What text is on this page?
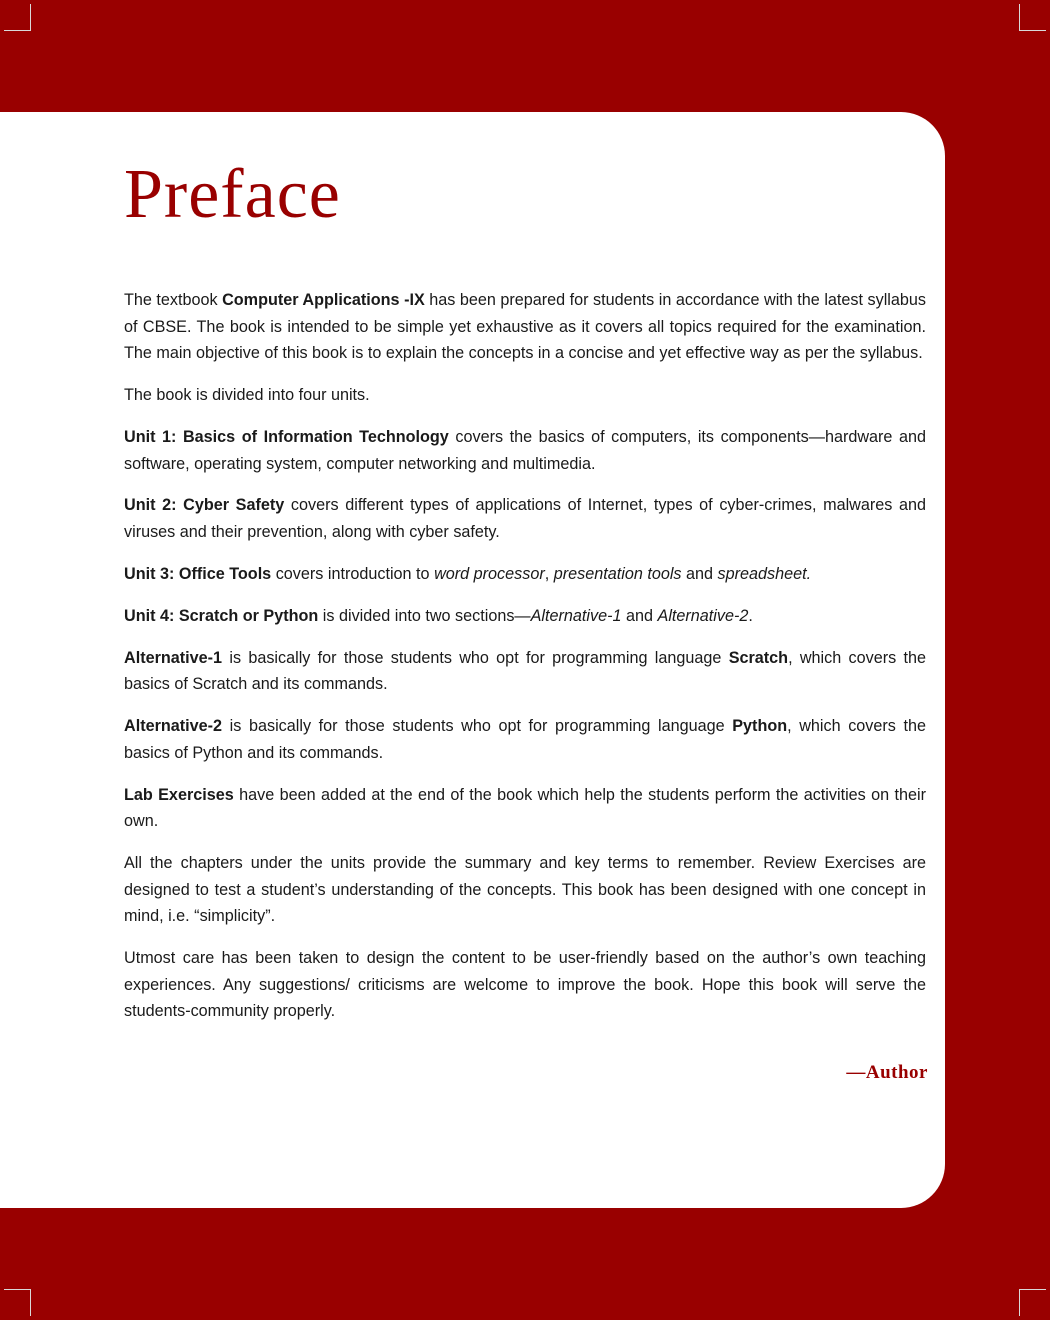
Preface

The textbook Computer Applications -IX has been prepared for students in accordance with the latest syllabus of CBSE. The book is intended to be simple yet exhaustive as it covers all topics required for the examination. The main objective of this book is to explain the concepts in a concise and yet effective way as per the syllabus.

The book is divided into four units.

Unit 1: Basics of Information Technology covers the basics of computers, its components—hardware and software, operating system, computer networking and multimedia.

Unit 2: Cyber Safety covers different types of applications of Internet, types of cyber-crimes, malwares and viruses and their prevention, along with cyber safety.

Unit 3: Office Tools covers introduction to word processor, presentation tools and spreadsheet.

Unit 4: Scratch or Python is divided into two sections—Alternative-1 and Alternative-2.

Alternative-1 is basically for those students who opt for programming language Scratch, which covers the basics of Scratch and its commands.

Alternative-2 is basically for those students who opt for programming language Python, which covers the basics of Python and its commands.

Lab Exercises have been added at the end of the book which help the students perform the activities on their own.

All the chapters under the units provide the summary and key terms to remember. Review Exercises are designed to test a student’s understanding of the concepts. This book has been designed with one concept in mind, i.e. “simplicity”.

Utmost care has been taken to design the content to be user-friendly based on the author’s own teaching experiences. Any suggestions/ criticisms are welcome to improve the book. Hope this book will serve the students-community properly.

—Author
